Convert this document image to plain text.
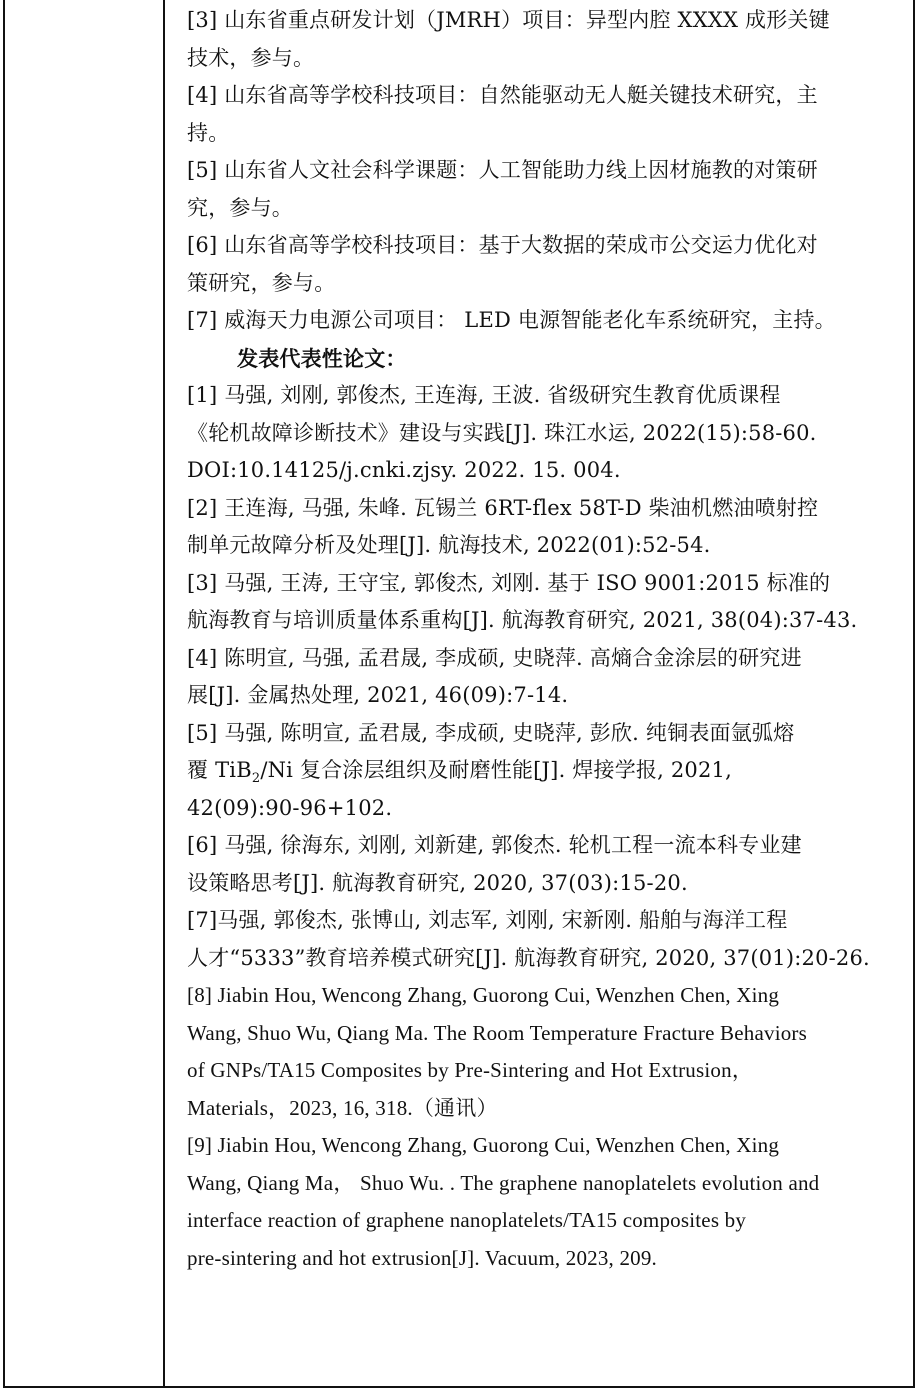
[3] 山东省重点研发计划（JMRH）项目：异型内腔 XXXX 成形关键
技术，参与。
[4] 山东省高等学校科技项目：自然能驱动无人艇关键技术研究，主
持。
[5] 山东省人文社会科学课题：人工智能助力线上因材施教的对策研
究，参与。
[6] 山东省高等学校科技项目：基于大数据的荣成市公交运力优化对
策研究，参与。
[7] 威海天力电源公司项目： LED 电源智能老化车系统研究，主持。
发表代表性论文：
[1] 马强, 刘刚, 郭俊杰, 王连海, 王波. 省级研究生教育优质课程
《轮机故障诊断技术》建设与实践[J]. 珠江水运, 2022(15):58-60.
DOI:10.14125/j.cnki.zjsy. 2022. 15. 004.
[2] 王连海, 马强, 朱峰. 瓦锡兰 6RT-flex 58T-D 柴油机燃油喷射控
制单元故障分析及处理[J]. 航海技术, 2022(01):52-54.
[3] 马强, 王涛, 王守宝, 郭俊杰, 刘刚. 基于 ISO 9001:2015 标准的
航海教育与培训质量体系重构[J]. 航海教育研究, 2021, 38(04):37-43.
[4] 陈明宣, 马强, 孟君晟, 李成硕, 史晓萍. 高熵合金涂层的研究进
展[J]. 金属热处理, 2021, 46(09):7-14.
[5] 马强, 陈明宣, 孟君晟, 李成硕, 史晓萍, 彭欣. 纯铜表面氩弧熔
覆 TiB$_2$/Ni 复合涂层组织及耐磨性能[J]. 焊接学报, 2021,
42(09):90-96+102.
[6] 马强, 徐海东, 刘刚, 刘新建, 郭俊杰. 轮机工程一流本科专业建
设策略思考[J]. 航海教育研究, 2020, 37(03):15-20.
[7]马强, 郭俊杰, 张博山, 刘志军, 刘刚, 宋新刚. 船舶与海洋工程
人才“5333”教育培养模式研究[J]. 航海教育研究, 2020, 37(01):20-26.
[8] Jiabin Hou, Wencong Zhang, Guorong Cui, Wenzhen Chen, Xing
Wang, Shuo Wu, Qiang Ma. The Room Temperature Fracture Behaviors
of GNPs/TA15 Composites by Pre-Sintering and Hot Extrusion，
Materials，2023, 16, 318.（通讯）
[9] Jiabin Hou, Wencong Zhang, Guorong Cui, Wenzhen Chen, Xing
Wang, Qiang Ma， Shuo Wu. . The graphene nanoplatelets evolution and
interface reaction of graphene nanoplatelets/TA15 composites by
pre-sintering and hot extrusion[J]. Vacuum, 2023, 209.
